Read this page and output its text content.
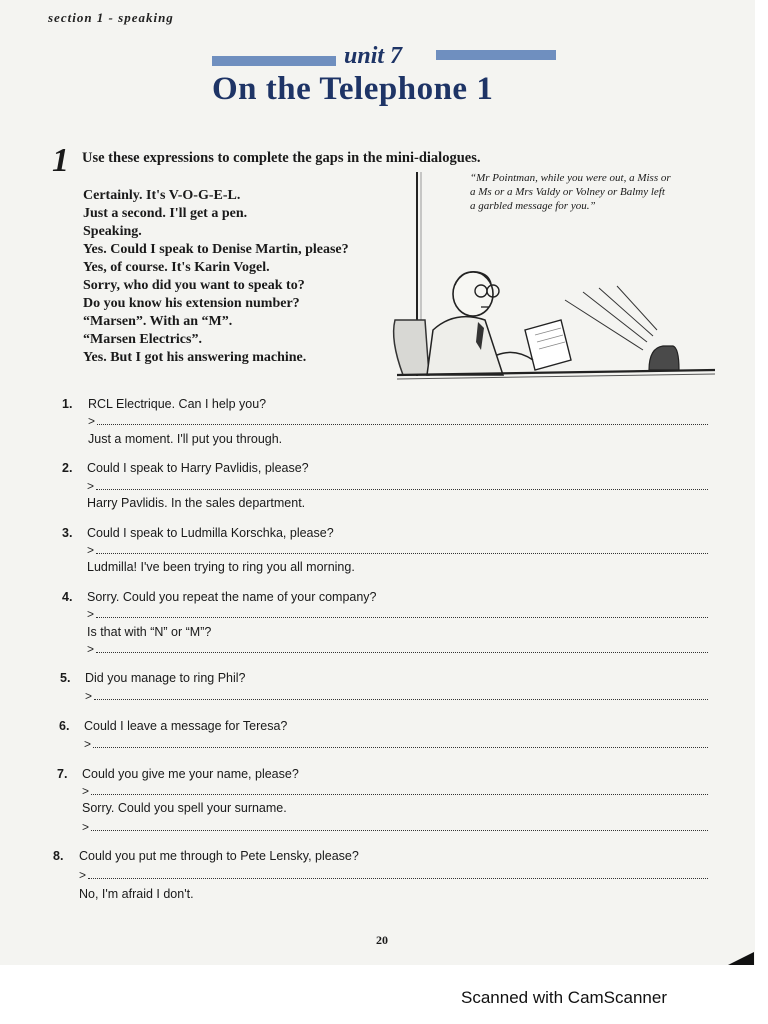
section 1 - speaking
unit 7
On the Telephone 1
1 Use these expressions to complete the gaps in the mini-dialogues.
Certainly. It's V-O-G-E-L.
Just a second. I'll get a pen.
Speaking.
Yes. Could I speak to Denise Martin, please?
Yes, of course. It's Karin Vogel.
Sorry, who did you want to speak to?
Do you know his extension number?
“Marsen”. With an “M”.
“Marsen Electrics”.
Yes. But I got his answering machine.
“Mr Pointman, while you were out, a Miss or
a Ms or a Mrs Valdy or Volney or Balmy left
a garbled message for you.”
1. RCL Electrique. Can I help you?
>
Just a moment. I'll put you through.
2. Could I speak to Harry Pavlidis, please?
>
Harry Pavlidis. In the sales department.
3. Could I speak to Ludmilla Korschka, please?
>
Ludmilla! I've been trying to ring you all morning.
4. Sorry. Could you repeat the name of your company?
>
Is that with “N” or “M”?
>
5. Did you manage to ring Phil?
>
6. Could I leave a message for Teresa?
>
7. Could you give me your name, please?
>
Sorry. Could you spell your surname.
>
8. Could you put me through to Pete Lensky, please?
>
No, I'm afraid I don't.
20
Scanned with CamScanner
